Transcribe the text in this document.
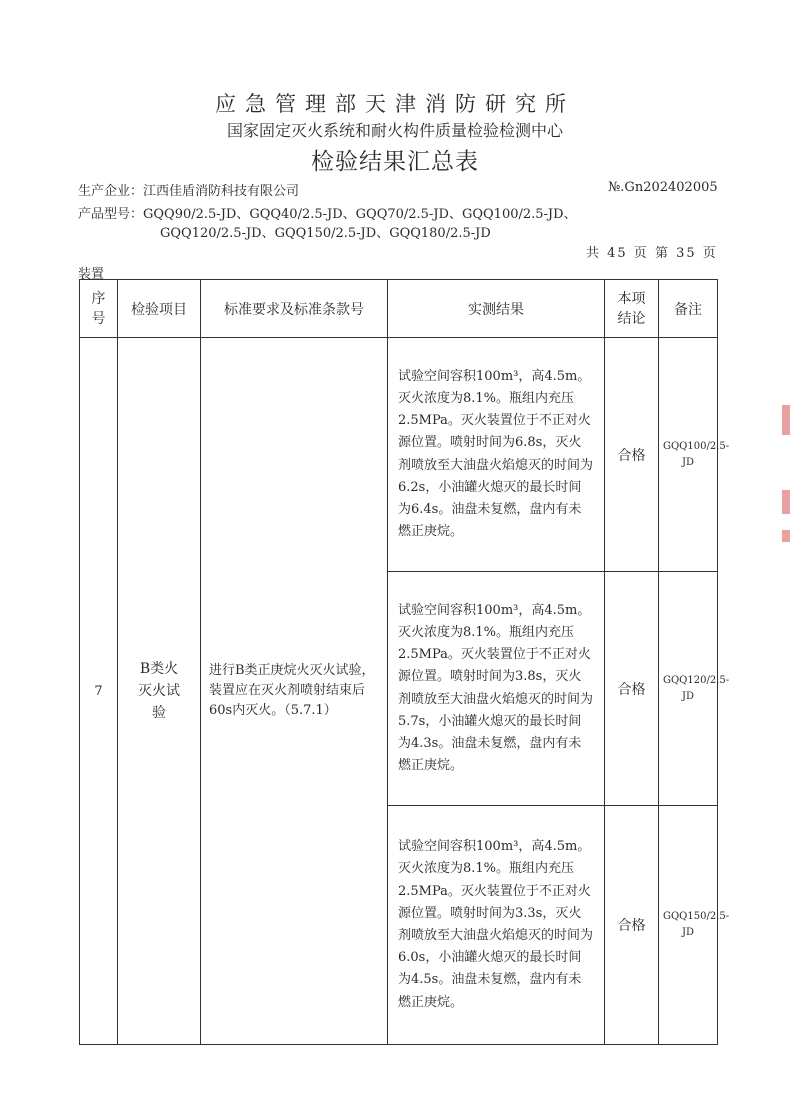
应急管理部天津消防研究所
国家固定灭火系统和耐火构件质量检验检测中心
检验结果汇总表
生产企业：江西佳盾消防科技有限公司	№.Gn202402005
产品型号：GQQ90/2.5-JD、GQQ40/2.5-JD、GQQ70/2.5-JD、GQQ100/2.5-JD、
GQQ120/2.5-JD、GQQ150/2.5-JD、GQQ180/2.5-JD
共 45 页 第 35 页
装置
序号	检验项目	标准要求及标准条款号	实测结果	本项结论	备注
7	B类火灭火试验	进行B类正庚烷火灭火试验，装置应在灭火剂喷射结束后60s内灭火。（5.7.1）	试验空间容积100m³，高4.5m。灭火浓度为8.1%。瓶组内充压2.5MPa。灭火装置位于不正对火源位置。喷射时间为6.8s，灭火剂喷放至大油盘火焰熄灭的时间为6.2s，小油罐火熄灭的最长时间为6.4s。油盘未复燃，盘内有未燃正庚烷。	合格	GQQ100/2.5-JD
			试验空间容积100m³，高4.5m。灭火浓度为8.1%。瓶组内充压2.5MPa。灭火装置位于不正对火源位置。喷射时间为3.8s，灭火剂喷放至大油盘火焰熄灭的时间为5.7s，小油罐火熄灭的最长时间为4.3s。油盘未复燃，盘内有未燃正庚烷。	合格	GQQ120/2.5-JD
			试验空间容积100m³，高4.5m。灭火浓度为8.1%。瓶组内充压2.5MPa。灭火装置位于不正对火源位置。喷射时间为3.3s，灭火剂喷放至大油盘火焰熄灭的时间为6.0s，小油罐火熄灭的最长时间为4.5s。油盘未复燃，盘内有未燃正庚烷。	合格	GQQ150/2.5-JD
